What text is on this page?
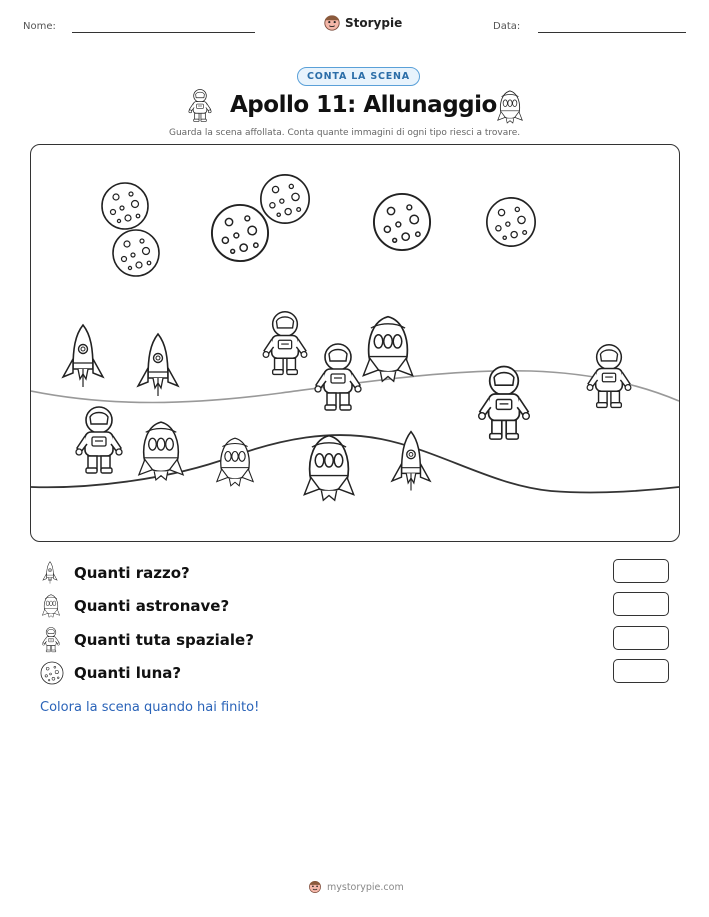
Nome:	Storypie	Data:
CONTA LA SCENA
Apollo 11: Allunaggio
Guarda la scena affollata. Conta quante immagini di ogni tipo riesci a trovare.
Quanti razzo?
Quanti astronave?
Quanti tuta spaziale?
Quanti luna?
Colora la scena quando hai finito!
mystorypie.com
